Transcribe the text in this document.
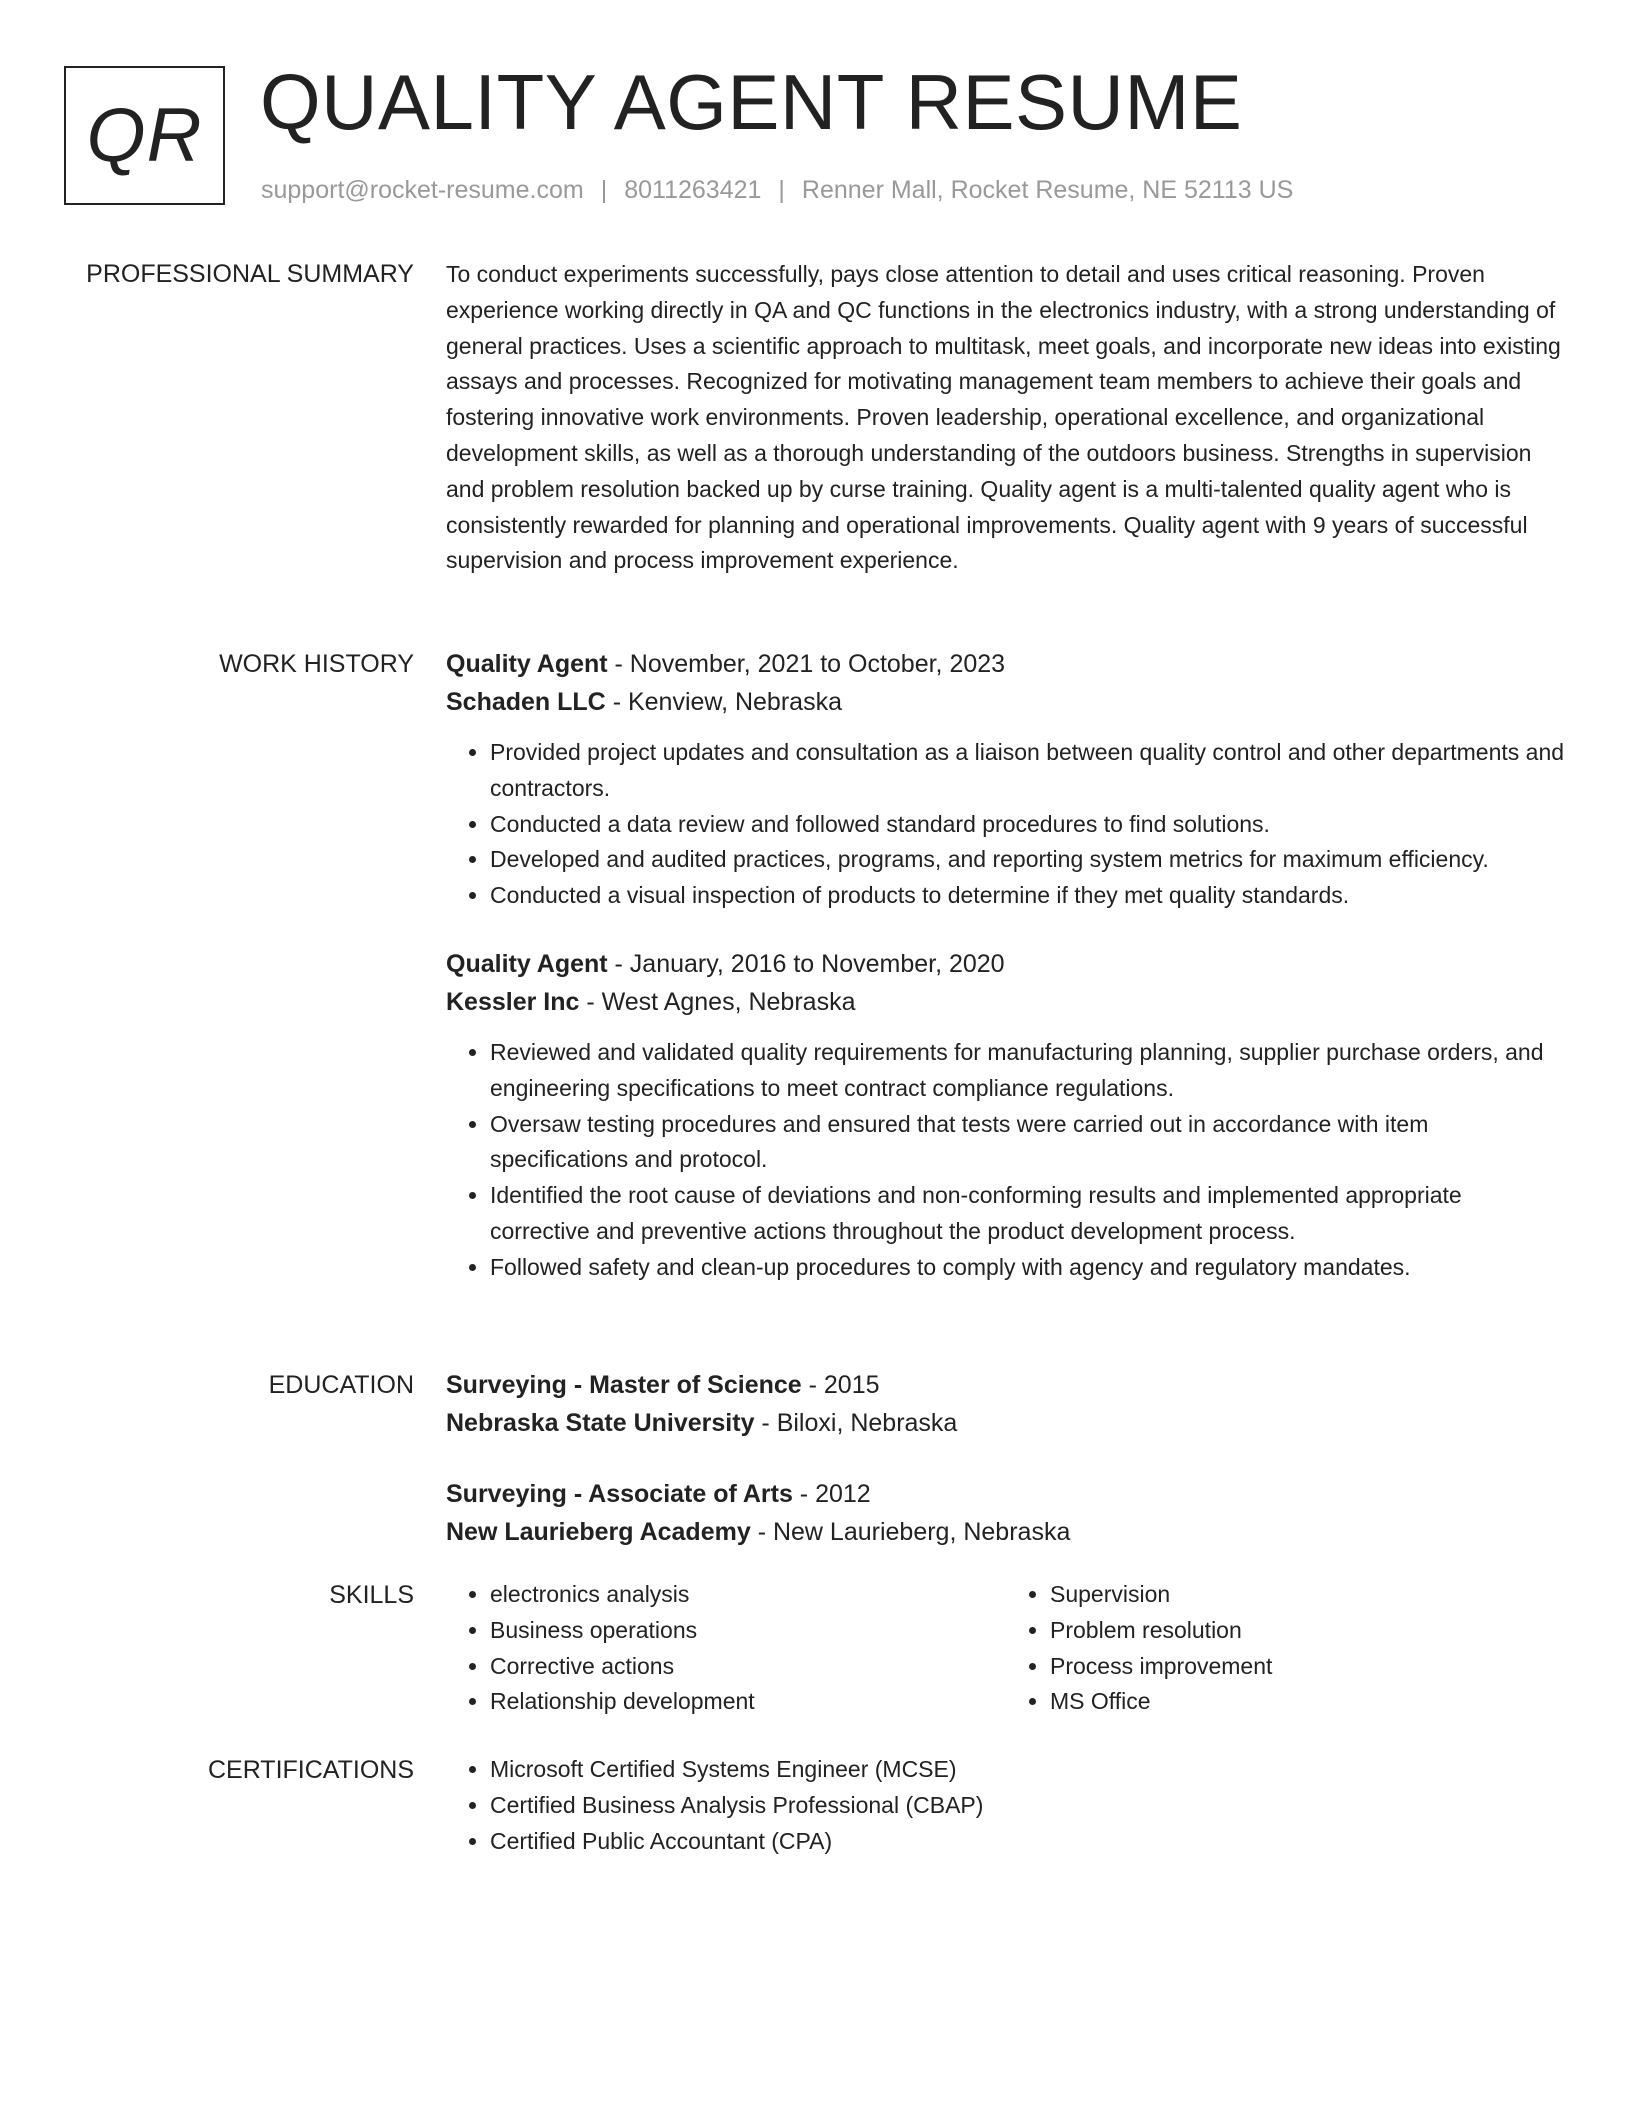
QR QUALITY AGENT RESUME
support@rocket-resume.com | 8011263421 | Renner Mall, Rocket Resume, NE 52113 US
PROFESSIONAL SUMMARY To conduct experiments successfully, pays close attention to detail and uses critical reasoning. Proven experience working directly in QA and QC functions in the electronics industry, with a strong understanding of general practices. Uses a scientific approach to multitask, meet goals, and incorporate new ideas into existing assays and processes. Recognized for motivating management team members to achieve their goals and fostering innovative work environments. Proven leadership, operational excellence, and organizational development skills, as well as a thorough understanding of the outdoors business. Strengths in supervision and problem resolution backed up by curse training. Quality agent is a multi-talented quality agent who is consistently rewarded for planning and operational improvements. Quality agent with 9 years of successful supervision and process improvement experience.

WORK HISTORY Quality Agent - November, 2021 to October, 2023

Schaden LLC - Kenview, Nebraska

• Provided project updates and consultation as a liaison between quality control and other departments and contractors.
• Conducted a data review and followed standard procedures to find solutions.
• Developed and audited practices, programs, and reporting system metrics for maximum efficiency.
• Conducted a visual inspection of products to determine if they met quality standards.

Quality Agent - January, 2016 to November, 2020

Kessler Inc - West Agnes, Nebraska

• Reviewed and validated quality requirements for manufacturing planning, supplier purchase orders, and engineering specifications to meet contract compliance regulations.
• Oversaw testing procedures and ensured that tests were carried out in accordance with item specifications and protocol.
• Identified the root cause of deviations and non-conforming results and implemented appropriate corrective and preventive actions throughout the product development process.
• Followed safety and clean-up procedures to comply with agency and regulatory mandates.
EDUCATION Surveying - Master of Science - 2015

Nebraska State University - Biloxi, Nebraska

Surveying - Associate of Arts - 2012

New Laurieberg Academy - New Laurieberg, Nebraska

SKILLS	• electronics analysis
• Business operations
• Corrective actions
• Relationship development
• Supervision
• Problem resolution
• Process improvement
• MS Office
CERTIFICATIONS	• Microsoft Certified Systems Engineer (MCSE)
• Certified Business Analysis Professional (CBAP)
• Certified Public Accountant (CPA)
